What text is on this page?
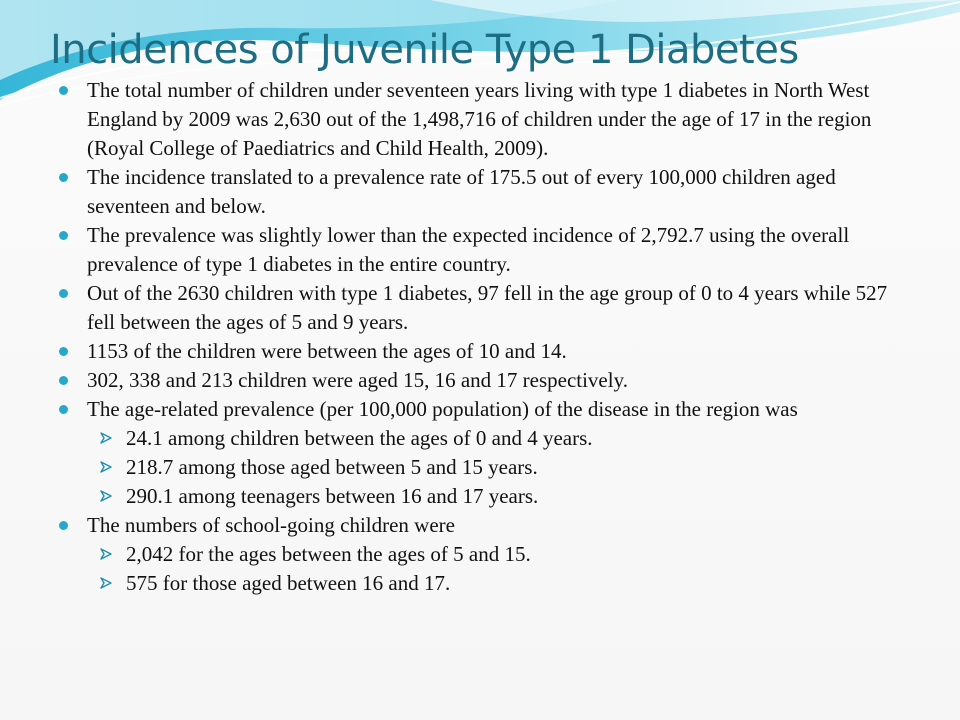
Incidences of Juvenile Type 1 Diabetes
The total number of children under seventeen years living with type 1 diabetes in North West England by 2009 was 2,630 out of the 1,498,716 of children under the age of 17 in the region (Royal College of Paediatrics and Child Health, 2009).
The incidence translated to a prevalence rate of 175.5 out of every 100,000 children aged seventeen and below.
The prevalence was slightly lower than the expected incidence of 2,792.7 using the overall prevalence of type 1 diabetes in the entire country.
Out of the 2630 children with type 1 diabetes, 97 fell in the age group of 0 to 4 years while 527 fell between the ages of 5 and 9 years.
1153 of the children were between the ages of 10 and 14.
302, 338 and 213 children were aged 15, 16 and 17 respectively.
The age-related prevalence (per 100,000 population) of the disease in the region was
24.1 among children between the ages of 0 and 4 years.
218.7 among those aged between 5 and 15 years.
290.1 among teenagers between 16 and 17 years.
The numbers of school-going children were
2,042 for the ages between the ages of 5 and 15.
575 for those aged between 16 and 17.
